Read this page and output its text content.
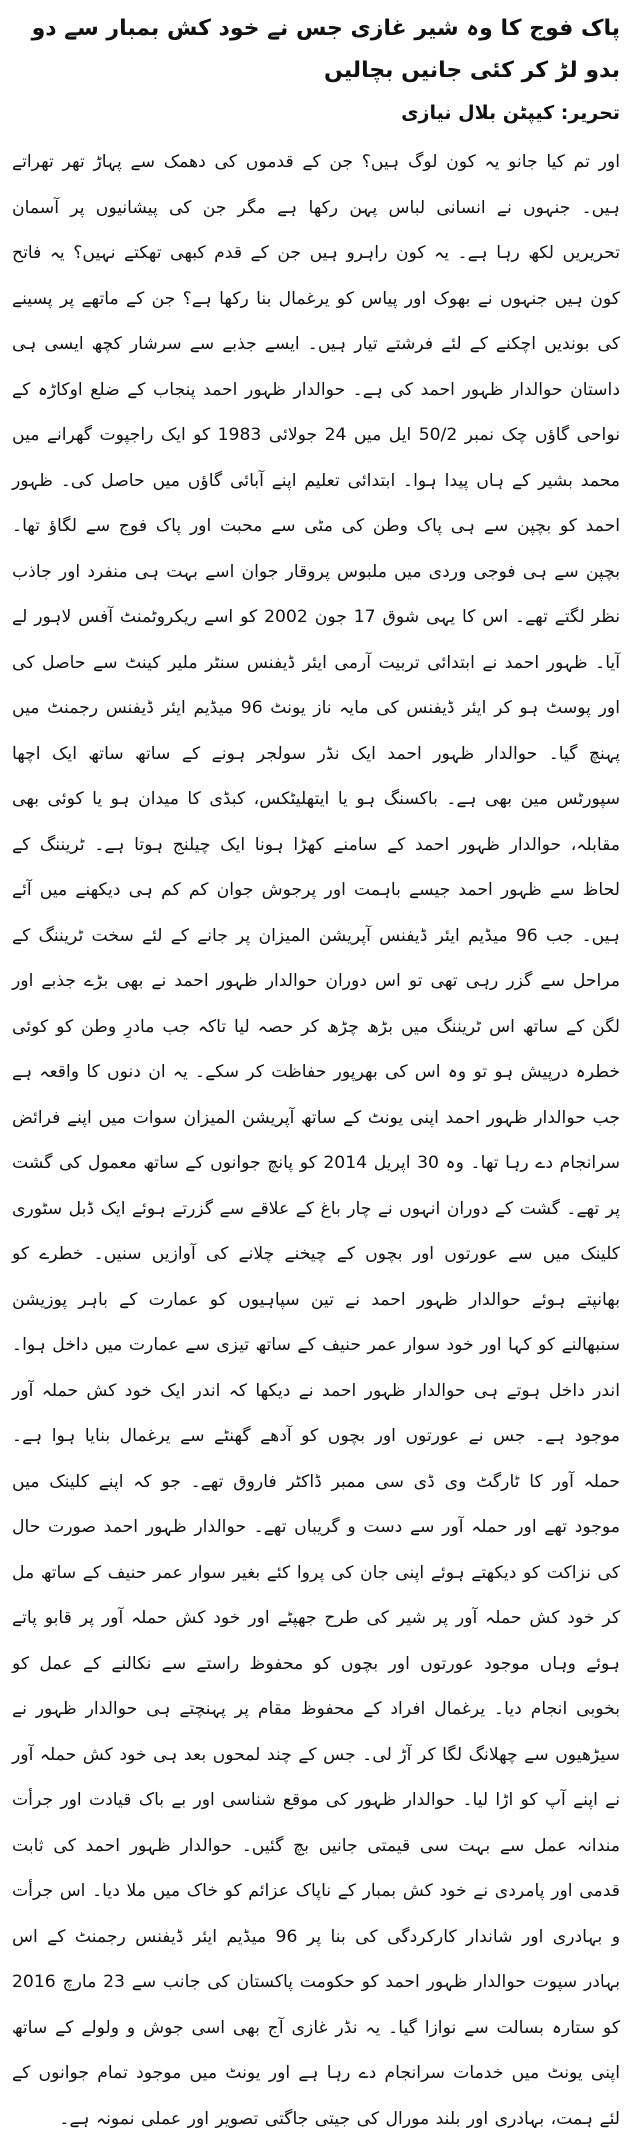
پاک فوج کا وہ شیر غازی جس نے خود کش بمبار سے دو بدو لڑ کر کئی جانیں بچالیں
تحریر: کیپٹن بلال نیازی

اور تم کیا جانو یہ کون لوگ ہیں؟ جن کے قدموں کی دھمک سے پہاڑ تھر تھراتے ہیں۔ جنہوں نے انسانی لباس پہن رکھا ہے مگر جن کی پیشانیوں پر آسمان تحریریں لکھ رہا ہے۔ یہ کون راہرو ہیں جن کے قدم کبھی تھکتے نہیں؟ یہ فاتح کون ہیں جنہوں نے بھوک اور پیاس کو یرغمال بنا رکھا ہے؟ جن کے ماتھے پر پسینے کی بوندیں اچکنے کے لئے فرشتے تیار ہیں۔ ایسے جذبے سے سرشار کچھ ایسی ہی داستان حوالدار ظہور احمد کی ہے۔ حوالدار ظہور احمد پنجاب کے ضلع اوکاڑہ کے نواحی گاؤں چک نمبر 50/2 ایل میں 24 جولائی 1983 کو ایک راجپوت گھرانے میں محمد بشیر کے ہاں پیدا ہوا۔ ابتدائی تعلیم اپنے آبائی گاؤں میں حاصل کی۔ ظہور احمد کو بچپن سے ہی پاک وطن کی مٹی سے محبت اور پاک فوج سے لگاؤ تھا۔ بچپن سے ہی فوجی وردی میں ملبوس پروقار جوان اسے بہت ہی منفرد اور جاذب نظر لگتے تھے۔ اس کا یہی شوق 17 جون 2002 کو اسے ریکروٹمنٹ آفس لاہور لے آیا۔ ظہور احمد نے ابتدائی تربیت آرمی ایئر ڈیفنس سنٹر ملیر کینٹ سے حاصل کی اور پوسٹ ہو کر ایئر ڈیفنس کی مایہ ناز یونٹ 96 میڈیم ایئر ڈیفنس رجمنٹ میں پہنچ گیا۔ حوالدار ظہور احمد ایک نڈر سولجر ہونے کے ساتھ ساتھ ایک اچھا سپورٹس مین بھی ہے۔ باکسنگ ہو یا ایتھلیٹکس، کبڈی کا میدان ہو یا کوئی بھی مقابلہ، حوالدار ظہور احمد کے سامنے کھڑا ہونا ایک چیلنج ہوتا ہے۔ ٹریننگ کے لحاظ سے ظہور احمد جیسے باہمت اور پرجوش جوان کم کم ہی دیکھنے میں آئے ہیں۔ جب 96 میڈیم ایئر ڈیفنس آپریشن المیزان پر جانے کے لئے سخت ٹریننگ کے مراحل سے گزر رہی تھی تو اس دوران حوالدار ظہور احمد نے بھی بڑے جذبے اور لگن کے ساتھ اس ٹریننگ میں بڑھ چڑھ کر حصہ لیا تاکہ جب مادرِ وطن کو کوئی خطرہ درپیش ہو تو وہ اس کی بھرپور حفاظت کر سکے۔ یہ ان دنوں کا واقعہ ہے جب حوالدار ظہور احمد اپنی یونٹ کے ساتھ آپریشن المیزان سوات میں اپنے فرائض سرانجام دے رہا تھا۔ وہ 30 اپریل 2014 کو پانچ جوانوں کے ساتھ معمول کی گشت پر تھے۔ گشت کے دوران انہوں نے چار باغ کے علاقے سے گزرتے ہوئے ایک ڈبل سٹوری کلینک میں سے عورتوں اور بچوں کے چیخنے چلانے کی آوازیں سنیں۔ خطرے کو بھانپتے ہوئے حوالدار ظہور احمد نے تین سپاہیوں کو عمارت کے باہر پوزیشن سنبھالنے کو کہا اور خود سوار عمر حنیف کے ساتھ تیزی سے عمارت میں داخل ہوا۔ اندر داخل ہوتے ہی حوالدار ظہور احمد نے دیکھا کہ اندر ایک خود کش حملہ آور موجود ہے۔ جس نے عورتوں اور بچوں کو آدھے گھنٹے سے یرغمال بنایا ہوا ہے۔ حملہ آور کا ٹارگٹ وی ڈی سی ممبر ڈاکٹر فاروق تھے۔ جو کہ اپنے کلینک میں موجود تھے اور حملہ آور سے دست و گریباں تھے۔ حوالدار ظہور احمد صورت حال کی نزاکت کو دیکھتے ہوئے اپنی جان کی پروا کئے بغیر سوار عمر حنیف کے ساتھ مل کر خود کش حملہ آور پر شیر کی طرح جھپٹے اور خود کش حملہ آور پر قابو پاتے ہوئے وہاں موجود عورتوں اور بچوں کو محفوظ راستے سے نکالنے کے عمل کو بخوبی انجام دیا۔ یرغمال افراد کے محفوظ مقام پر پہنچتے ہی حوالدار ظہور نے سیڑھیوں سے چھلانگ لگا کر آڑ لی۔ جس کے چند لمحوں بعد ہی خود کش حملہ آور نے اپنے آپ کو اڑا لیا۔ حوالدار ظہور کی موقع شناسی اور بے باک قیادت اور جرأت مندانہ عمل سے بہت سی قیمتی جانیں بچ گئیں۔ حوالدار ظہور احمد کی ثابت قدمی اور پامردی نے خود کش بمبار کے ناپاک عزائم کو خاک میں ملا دیا۔ اس جرأت و بہادری اور شاندار کارکردگی کی بنا پر 96 میڈیم ایئر ڈیفنس رجمنٹ کے اس بہادر سپوت حوالدار ظہور احمد کو حکومت پاکستان کی جانب سے 23 مارچ 2016 کو ستارہ بسالت سے نوازا گیا۔ یہ نڈر غازی آج بھی اسی جوش و ولولے کے ساتھ اپنی یونٹ میں خدمات سرانجام دے رہا ہے اور یونٹ میں موجود تمام جوانوں کے لئے ہمت، بہادری اور بلند مورال کی جیتی جاگتی تصویر اور عملی نمونہ ہے۔
